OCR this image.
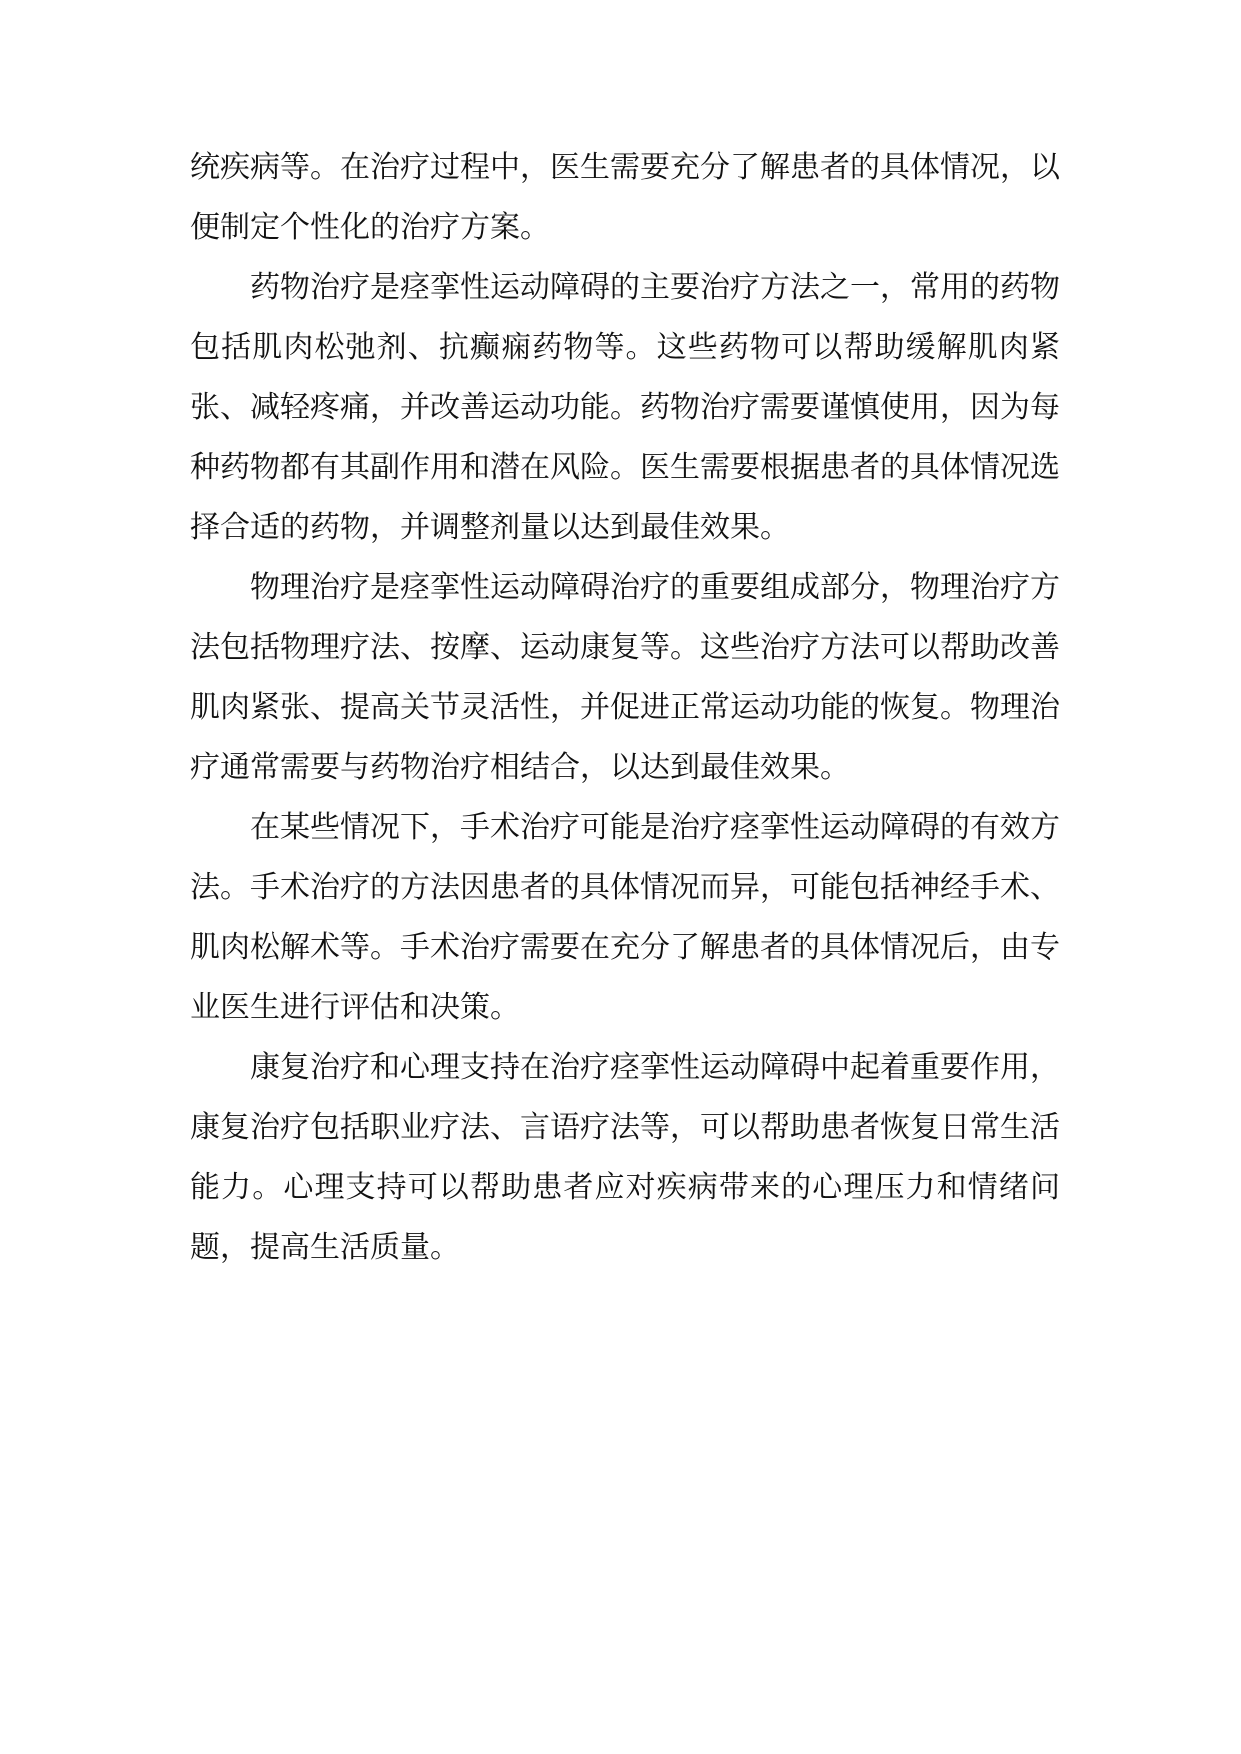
统疾病等。在治疗过程中，医生需要充分了解患者的具体情况，以便制定个性化的治疗方案。

药物治疗是痉挛性运动障碍的主要治疗方法之一，常用的药物包括肌肉松弛剂、抗癫痫药物等。这些药物可以帮助缓解肌肉紧张、减轻疼痛，并改善运动功能。药物治疗需要谨慎使用，因为每种药物都有其副作用和潜在风险。医生需要根据患者的具体情况选择合适的药物，并调整剂量以达到最佳效果。

物理治疗是痉挛性运动障碍治疗的重要组成部分，物理治疗方法包括物理疗法、按摩、运动康复等。这些治疗方法可以帮助改善肌肉紧张、提高关节灵活性，并促进正常运动功能的恢复。物理治疗通常需要与药物治疗相结合，以达到最佳效果。

在某些情况下，手术治疗可能是治疗痉挛性运动障碍的有效方法。手术治疗的方法因患者的具体情况而异，可能包括神经手术、肌肉松解术等。手术治疗需要在充分了解患者的具体情况后，由专业医生进行评估和决策。

康复治疗和心理支持在治疗痉挛性运动障碍中起着重要作用，康复治疗包括职业疗法、言语疗法等，可以帮助患者恢复日常生活能力。心理支持可以帮助患者应对疾病带来的心理压力和情绪问题，提高生活质量。
